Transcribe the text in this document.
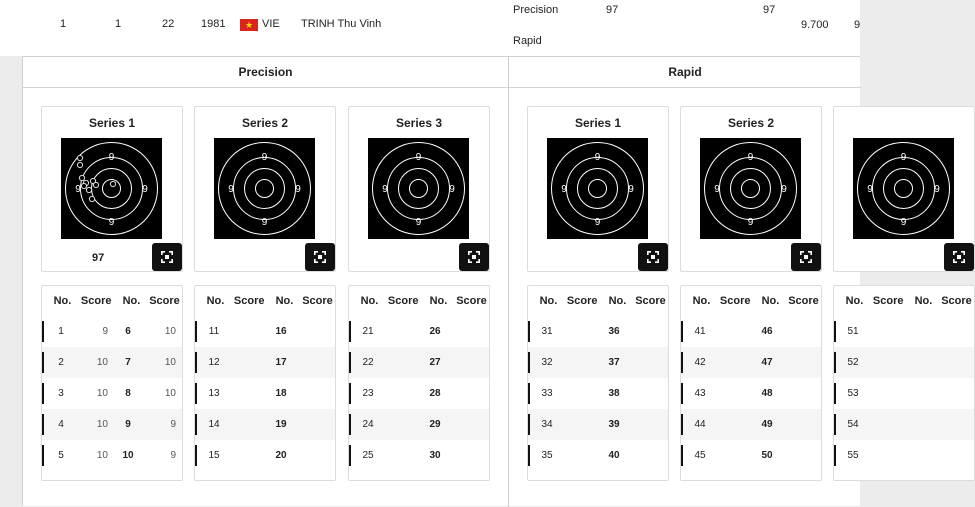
1	1	22 1981	★ VIE TRINH Thu Vinh
Precision	97	97
9.700 9
Rapid
Precision	Rapid
Series 1
9
9
9	9
97
No. Score	No. Score
1	9	6	10
2	10	7	10
3	10	8	10
4	10	9	9
5	10	10	9
Series 2
9
9
9	9
No. Score	No. Score
11	16
12	17
13	18
14	19
15	20
Series 3
9
9
9	9
No. Score	No. Score
21	26
22	27
23	28
24	29
25	30
Series 1
9
9
9	9
No. Score	No. Score
31	36
32	37
33	38
34	39
35	40
Series 2
9
9
9	9
No. Score	No. Score
41	46
42	47
43	48
44	49
45	50
9
9
9	9
No. Score	No. Score
51
52
53
54
55
